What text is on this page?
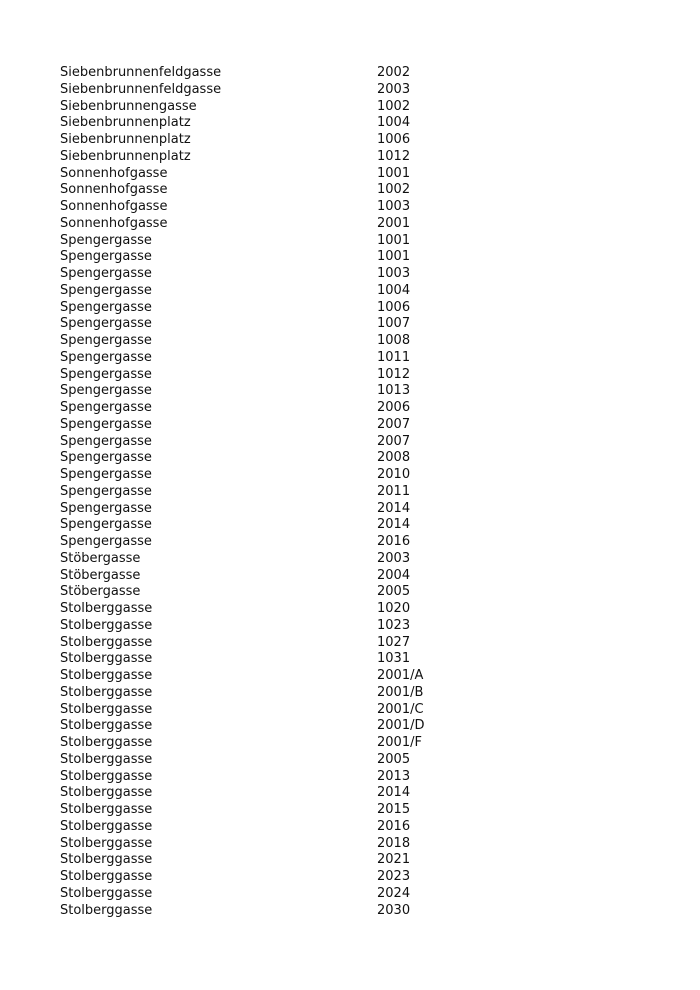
Siebenbrunnenfeldgasse	2002
Siebenbrunnenfeldgasse	2003
Siebenbrunnengasse	1002
Siebenbrunnenplatz	1004
Siebenbrunnenplatz	1006
Siebenbrunnenplatz	1012
Sonnenhofgasse	1001
Sonnenhofgasse	1002
Sonnenhofgasse	1003
Sonnenhofgasse	2001
Spengergasse	1001
Spengergasse	1001
Spengergasse	1003
Spengergasse	1004
Spengergasse	1006
Spengergasse	1007
Spengergasse	1008
Spengergasse	1011
Spengergasse	1012
Spengergasse	1013
Spengergasse	2006
Spengergasse	2007
Spengergasse	2007
Spengergasse	2008
Spengergasse	2010
Spengergasse	2011
Spengergasse	2014
Spengergasse	2014
Spengergasse	2016
Stöbergasse	2003
Stöbergasse	2004
Stöbergasse	2005
Stolberggasse	1020
Stolberggasse	1023
Stolberggasse	1027
Stolberggasse	1031
Stolberggasse	2001/A
Stolberggasse	2001/B
Stolberggasse	2001/C
Stolberggasse	2001/D
Stolberggasse	2001/F
Stolberggasse	2005
Stolberggasse	2013
Stolberggasse	2014
Stolberggasse	2015
Stolberggasse	2016
Stolberggasse	2018
Stolberggasse	2021
Stolberggasse	2023
Stolberggasse	2024
Stolberggasse	2030
